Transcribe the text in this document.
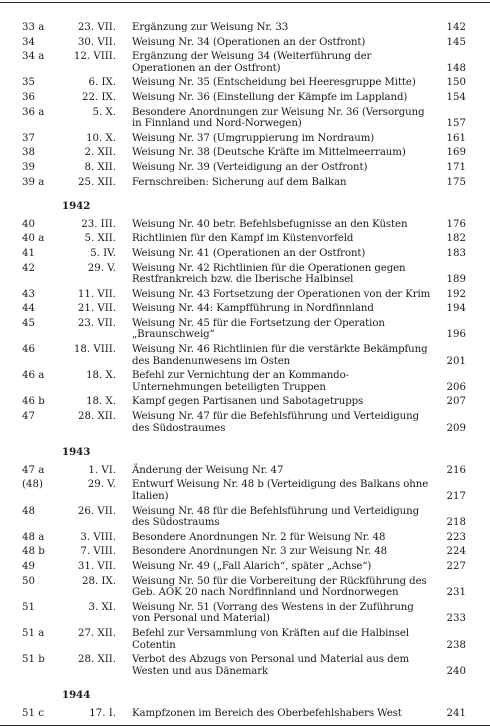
33 a	23. VII. Ergänzung zur Weisung Nr. 33	142
34	30. VII. Weisung Nr. 34 (Operationen an der Ostfront)	145
34 a	12. VIII. Ergänzung der Weisung 34 (Weiterführung der Operationen an der Ostfront)	148
35	6. IX. Weisung Nr. 35 (Entscheidung bei Heeresgruppe Mitte)	150
36	22. IX. Weisung Nr. 36 (Einstellung der Kämpfe im Lappland)	154
36 a	5. X. Besondere Anordnungen zur Weisung Nr. 36 (Versorgung in Finnland und Nord-Norwegen)	157
37	10. X. Weisung Nr. 37 (Umgruppierung im Nordraum)	161
38	2. XII. Weisung Nr. 38 (Deutsche Kräfte im Mittelmeerraum)	169
39	8. XII. Weisung Nr. 39 (Verteidigung an der Ostfront)	171
39 a	25. XII. Fernschreiben: Sicherung auf dem Balkan	175
1942
40	23. III. Weisung Nr. 40 betr. Befehlsbefugnisse an den Küsten	176
40 a	5. XII. Richtlinien für den Kampf im Küstenvorfeld	182
41	5. IV. Weisung Nr. 41 (Operationen an der Ostfront)	183
42	29. V. Weisung Nr. 42 Richtlinien für die Operationen gegen Restfrankreich bzw. die Iberische Halbinsel	189
43	11. VII. Weisung Nr. 43 Fortsetzung der Operationen von der Krim 192
44	21. VII. Weisung Nr. 44: Kampfführung in Nordfinnland	194
45	23. VII. Weisung Nr. 45 für die Fortsetzung der Operation „Braunschweig“	196
46	18. VIII. Weisung Nr. 46 Richtlinien für die verstärkte Bekämpfung des Bandenunwesens im Osten	201
46 a	18. X. Befehl zur Vernichtung der an Kommando-Unternehmungen beteiligten Truppen	206
46 b	18. X. Kampf gegen Partisanen und Sabotagetrupps	207
47	28. XII. Weisung Nr. 47 für die Befehlsführung und Verteidigung des Südostraumes	209
1943
47 a	1. VI. Änderung der Weisung Nr. 47	216
(48)	29. V. Entwurf Weisung Nr. 48 b (Verteidigung des Balkans ohne Italien)	217
48	26. VII. Weisung Nr. 48 für die Befehlsführung und Verteidigung des Südostraums	218
48 a	3. VIII. Besondere Anordnungen Nr. 2 für Weisung Nr. 48	223
48 b	7. VIII. Besondere Anordnungen Nr. 3 zur Weisung Nr. 48	224
49	31. VII. Weisung Nr. 49 („Fall Alarich“, später „Achse“)	227
50	28. IX. Weisung Nr. 50 für die Vorbereitung der Rückführung des Geb. AOK 20 nach Nordfinnland und Nordnorwegen	231
51	3. XI. Weisung Nr. 51 (Vorrang des Westens in der Zuführung von Personal und Material)	233
51 a	27. XII. Befehl zur Versammlung von Kräften auf die Halbinsel Cotentin	238
51 b	28. XII. Verbot des Abzugs von Personal und Material aus dem Westen und aus Dänemark	240
1944
51 c	17. I. Kampfzonen im Bereich des Oberbefehlshabers West	241
